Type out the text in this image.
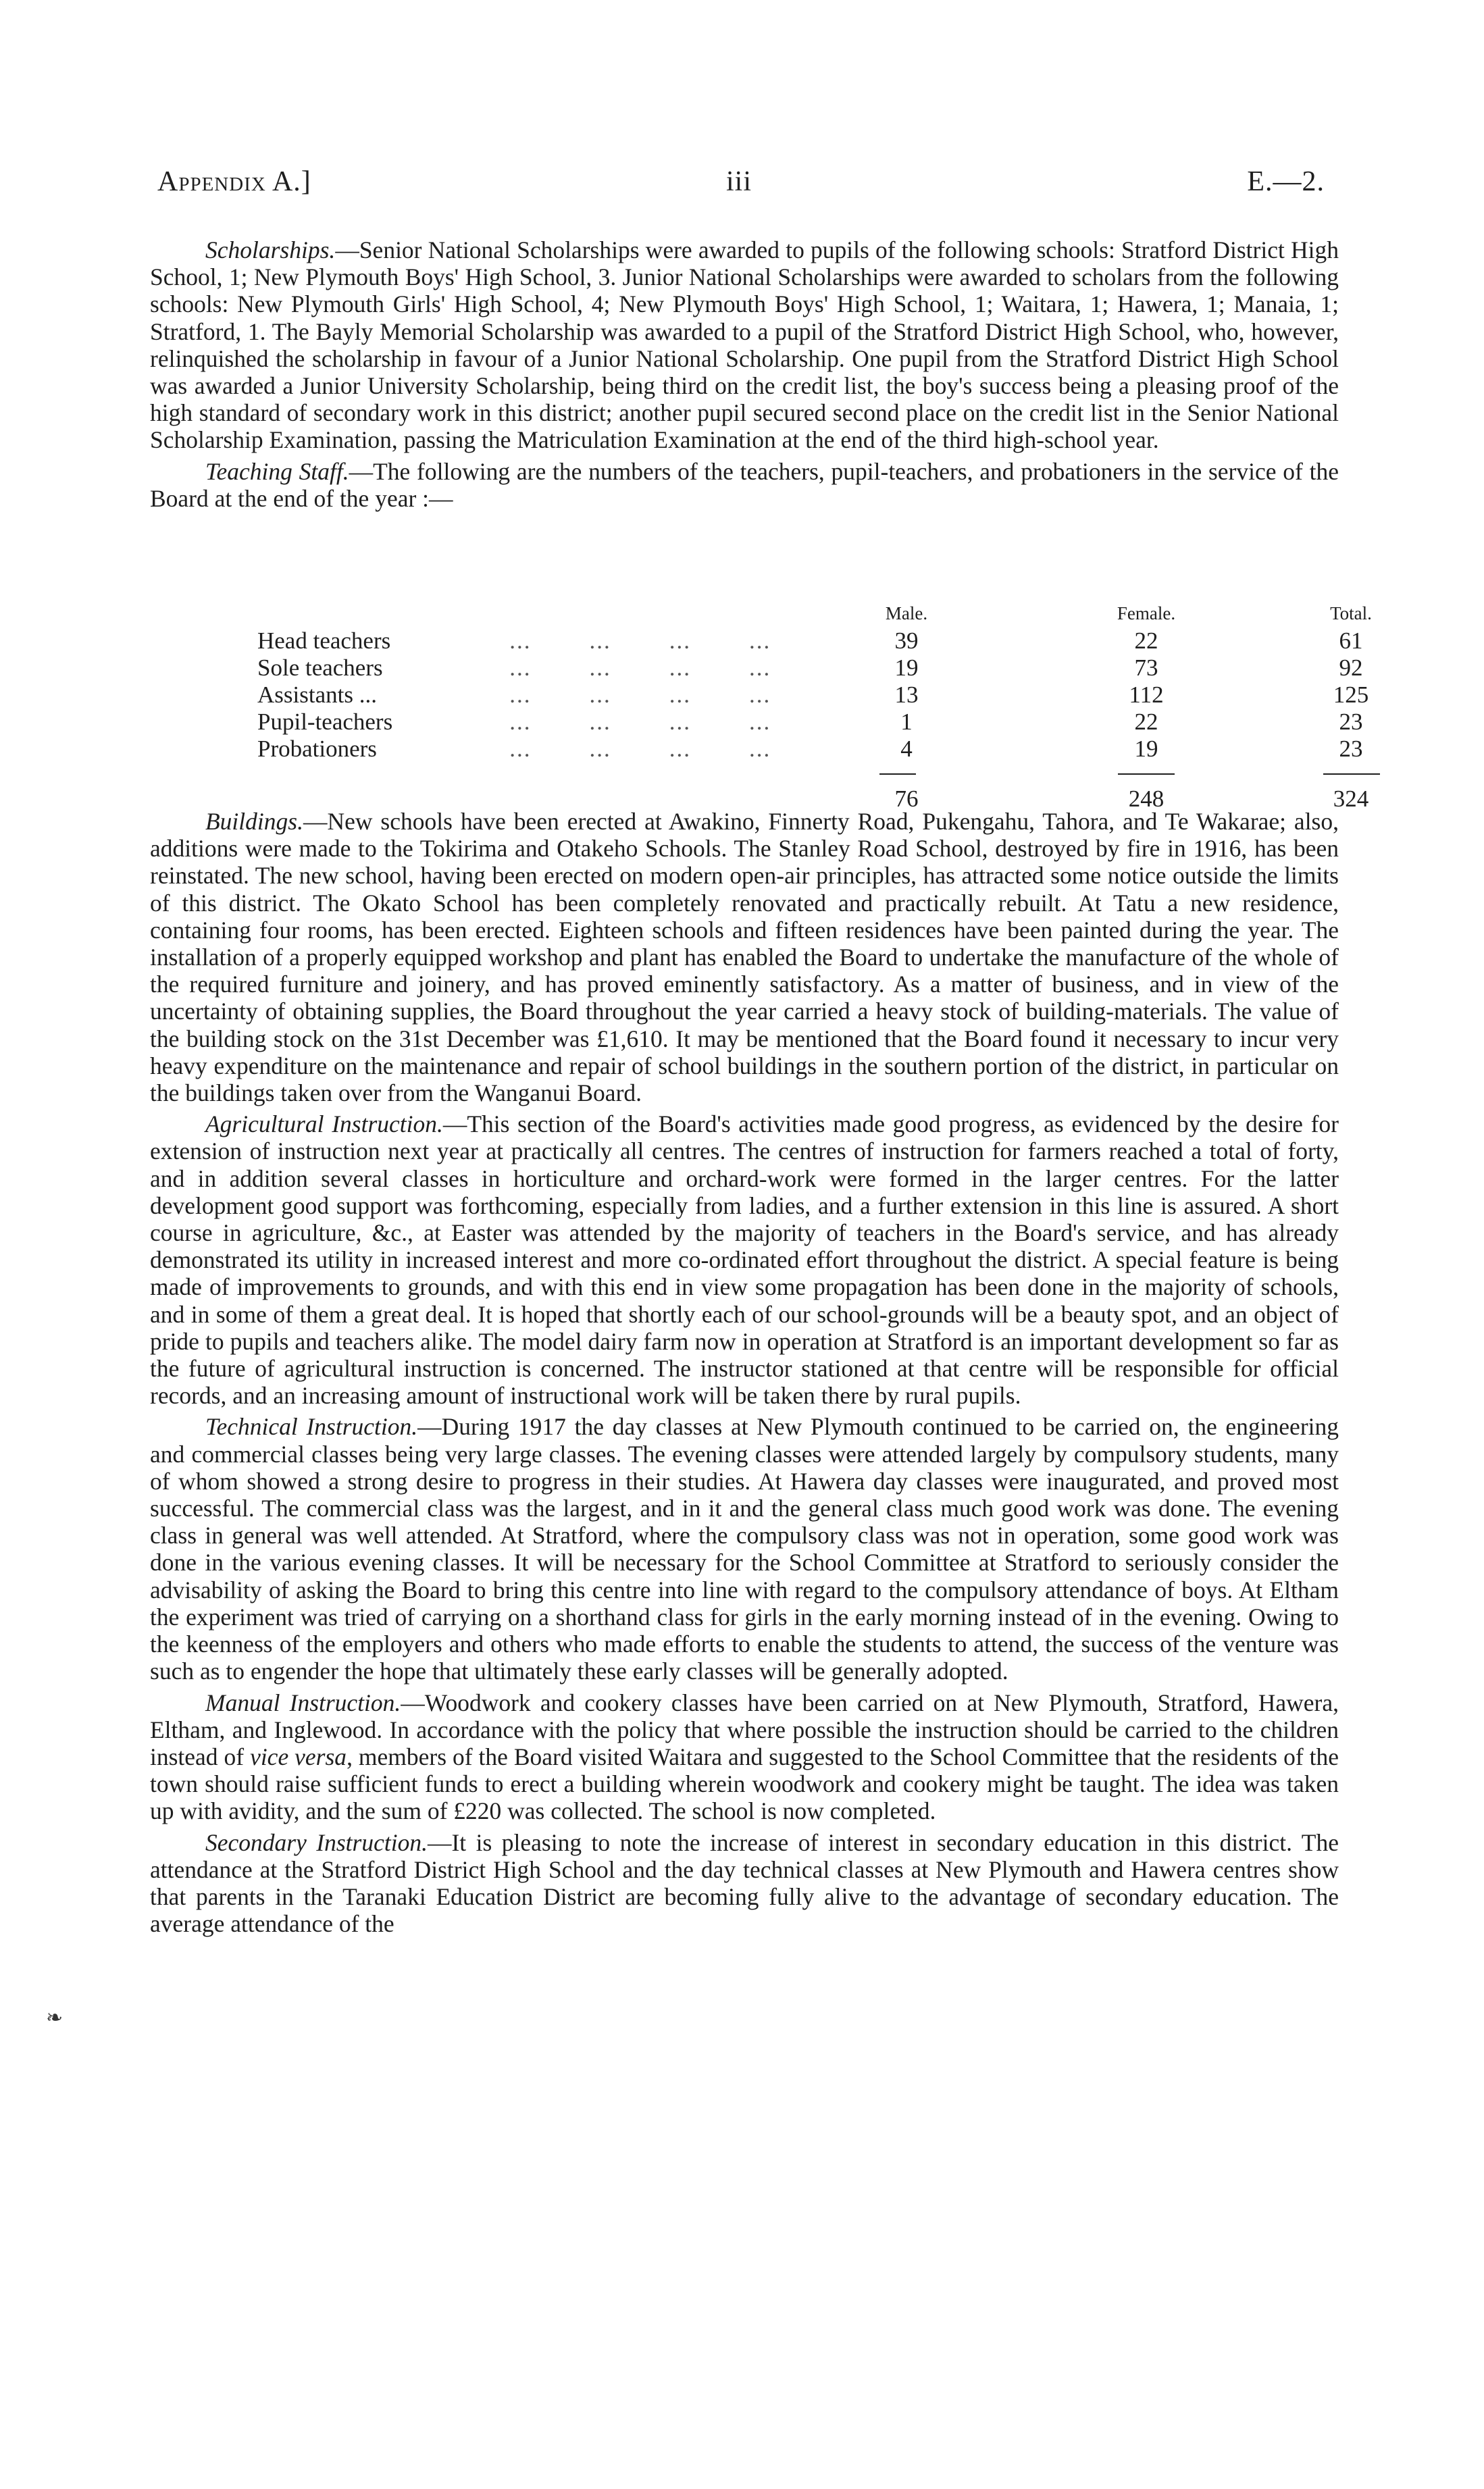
Appendix A.]	iii	E.—2.

Scholarships.—Senior National Scholarships were awarded to pupils of the following schools: Stratford District High School, 1; New Plymouth Boys' High School, 3. Junior National Scholarships were awarded to scholars from the following schools: New Plymouth Girls' High School, 4; New Plymouth Boys' High School, 1; Waitara, 1; Hawera, 1; Manaia, 1; Stratford, 1. The Bayly Memorial Scholarship was awarded to a pupil of the Stratford District High School, who, however, relinquished the scholarship in favour of a Junior National Scholarship. One pupil from the Stratford District High School was awarded a Junior University Scholarship, being third on the credit list, the boy's success being a pleasing proof of the high standard of secondary work in this district; another pupil secured second place on the credit list in the Senior National Scholarship Examination, passing the Matriculation Examination at the end of the third high-school year.

Teaching Staff.—The following are the numbers of the teachers, pupil-teachers, and probationers in the service of the Board at the end of the year :—

Male.	Female.	Total.
Head teachers	...        ...        ...        ...	39	22	61
Sole teachers	...        ...        ...        ...	19	73	92
Assistants ...	...        ...        ...        ...	13	112	125
Pupil-teachers	...        ...        ...        ...	1	22	23
Probationers	...        ...        ...        ...	4	19	23
76	248	324

Buildings.—New schools have been erected at Awakino, Finnerty Road, Pukengahu, Tahora, and Te Wakarae; also, additions were made to the Tokirima and Otakeho Schools. The Stanley Road School, destroyed by fire in 1916, has been reinstated. The new school, having been erected on modern open-air principles, has attracted some notice outside the limits of this district. The Okato School has been completely renovated and practically rebuilt. At Tatu a new residence, containing four rooms, has been erected. Eighteen schools and fifteen residences have been painted during the year. The installation of a properly equipped workshop and plant has enabled the Board to undertake the manufacture of the whole of the required furniture and joinery, and has proved eminently satisfactory. As a matter of business, and in view of the uncertainty of obtaining supplies, the Board throughout the year carried a heavy stock of building-materials. The value of the building stock on the 31st December was £1,610. It may be mentioned that the Board found it necessary to incur very heavy expenditure on the maintenance and repair of school buildings in the southern portion of the district, in particular on the buildings taken over from the Wanganui Board.

Agricultural Instruction.—This section of the Board's activities made good progress, as evidenced by the desire for extension of instruction next year at practically all centres. The centres of instruction for farmers reached a total of forty, and in addition several classes in horticulture and orchard-work were formed in the larger centres. For the latter development good support was forthcoming, especially from ladies, and a further extension in this line is assured. A short course in agriculture, &c., at Easter was attended by the majority of teachers in the Board's service, and has already demonstrated its utility in increased interest and more co-ordinated effort throughout the district. A special feature is being made of improvements to grounds, and with this end in view some propagation has been done in the majority of schools, and in some of them a great deal. It is hoped that shortly each of our school-grounds will be a beauty spot, and an object of pride to pupils and teachers alike. The model dairy farm now in operation at Stratford is an important development so far as the future of agricultural instruction is concerned. The instructor stationed at that centre will be responsible for official records, and an increasing amount of instructional work will be taken there by rural pupils.

Technical Instruction.—During 1917 the day classes at New Plymouth continued to be carried on, the engineering and commercial classes being very large classes. The evening classes were attended largely by compulsory students, many of whom showed a strong desire to progress in their studies. At Hawera day classes were inaugurated, and proved most successful. The commercial class was the largest, and in it and the general class much good work was done. The evening class in general was well attended. At Stratford, where the compulsory class was not in operation, some good work was done in the various evening classes. It will be necessary for the School Committee at Stratford to seriously consider the advisability of asking the Board to bring this centre into line with regard to the compulsory attendance of boys. At Eltham the experiment was tried of carrying on a shorthand class for girls in the early morning instead of in the evening. Owing to the keenness of the employers and others who made efforts to enable the students to attend, the success of the venture was such as to engender the hope that ultimately these early classes will be generally adopted.

Manual Instruction.—Woodwork and cookery classes have been carried on at New Plymouth, Stratford, Hawera, Eltham, and Inglewood. In accordance with the policy that where possible the instruction should be carried to the children instead of vice versa, members of the Board visited Waitara and suggested to the School Committee that the residents of the town should raise sufficient funds to erect a building wherein woodwork and cookery might be taught. The idea was taken up with avidity, and the sum of £220 was collected. The school is now completed.

Secondary Instruction.—It is pleasing to note the increase of interest in secondary education in this district. The attendance at the Stratford District High School and the day technical classes at New Plymouth and Hawera centres show that parents in the Taranaki Education District are becoming fully alive to the advantage of secondary education. The average attendance of the

❧
